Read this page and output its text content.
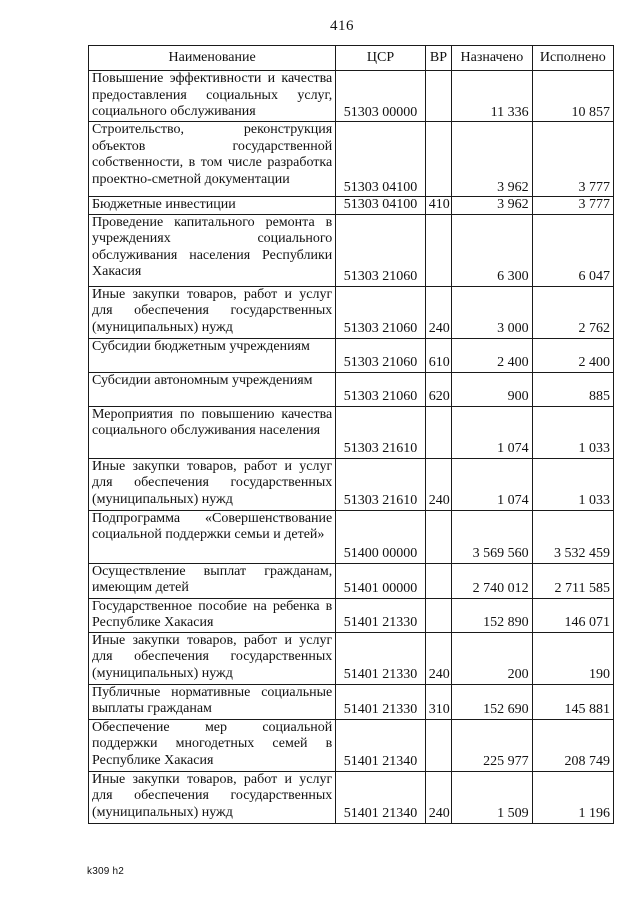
416
Наименование	ЦСР	ВР	Назначено	Исполнено
Повышение эффективности и качества предоставления социальных услуг, социального обслуживания	51303 00000		11 336	10 857
Строительство, реконструкция объектов государственной собственности, в том числе разработка проектно-сметной документации	51303 04100		3 962	3 777
Бюджетные инвестиции	51303 04100	410	3 962	3 777
Проведение капитального ремонта в учреждениях социального обслуживания населения Республики Хакасия	51303 21060		6 300	6 047
Иные закупки товаров, работ и услуг для обеспечения государственных (муниципальных) нужд	51303 21060	240	3 000	2 762
Субсидии бюджетным учреждениям	51303 21060	610	2 400	2 400
Субсидии автономным учреждениям	51303 21060	620	900	885
Мероприятия по повышению качества социального обслуживания населения	51303 21610		1 074	1 033
Иные закупки товаров, работ и услуг для обеспечения государственных (муниципальных) нужд	51303 21610	240	1 074	1 033
Подпрограмма «Совершенствование социальной поддержки семьи и детей»	51400 00000		3 569 560	3 532 459
Осуществление выплат гражданам, имеющим детей	51401 00000		2 740 012	2 711 585
Государственное пособие на ребенка в Республике Хакасия	51401 21330		152 890	146 071
Иные закупки товаров, работ и услуг для обеспечения государственных (муниципальных) нужд	51401 21330	240	200	190
Публичные нормативные социальные выплаты гражданам	51401 21330	310	152 690	145 881
Обеспечение мер социальной поддержки многодетных семей в Республике Хакасия	51401 21340		225 977	208 749
Иные закупки товаров, работ и услуг для обеспечения государственных (муниципальных) нужд	51401 21340	240	1 509	1 196
k309 h2
